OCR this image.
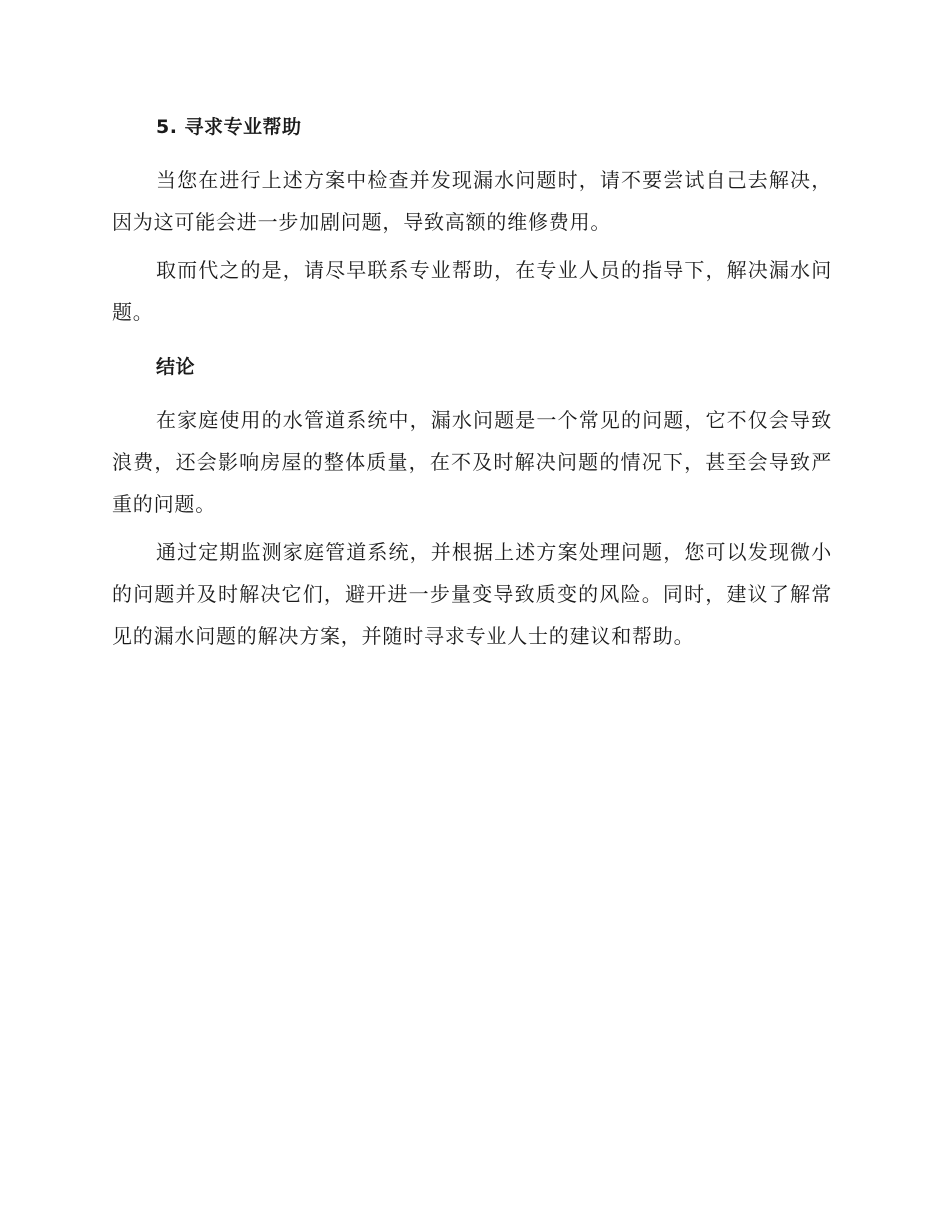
5. 寻求专业帮助

当您在进行上述方案中检查并发现漏水问题时，请不要尝试自己去解决，因为这可能会进一步加剧问题，导致高额的维修费用。

取而代之的是，请尽早联系专业帮助，在专业人员的指导下，解决漏水问题。

结论

在家庭使用的水管道系统中，漏水问题是一个常见的问题，它不仅会导致浪费，还会影响房屋的整体质量，在不及时解决问题的情况下，甚至会导致严重的问题。

通过定期监测家庭管道系统，并根据上述方案处理问题，您可以发现微小的问题并及时解决它们，避开进一步量变导致质变的风险。同时，建议了解常见的漏水问题的解决方案，并随时寻求专业人士的建议和帮助。
